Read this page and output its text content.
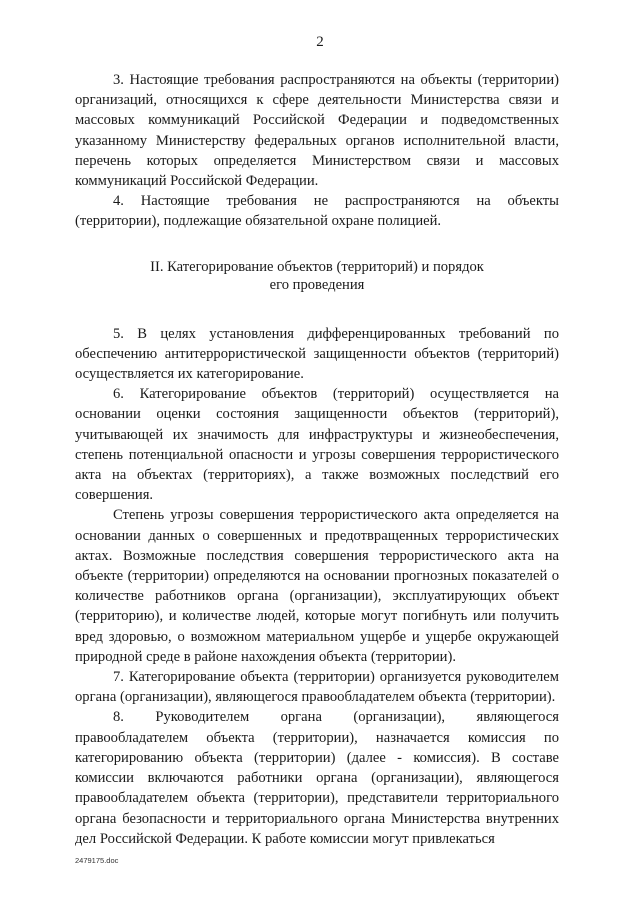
2

3. Настоящие требования распространяются на объекты (территории) организаций, относящихся к сфере деятельности Министерства связи и массовых коммуникаций Российской Федерации и подведомственных указанному Министерству федеральных органов исполнительной власти, перечень которых определяется Министерством связи и массовых коммуникаций Российской Федерации.

4. Настоящие требования не распространяются на объекты (территории), подлежащие обязательной охране полицией.

II. Категорирование объектов (территорий) и порядок
его проведения

5. В целях установления дифференцированных требований по обеспечению антитеррористической защищенности объектов (территорий) осуществляется их категорирование.

6. Категорирование объектов (территорий) осуществляется на основании оценки состояния защищенности объектов (территорий), учитывающей их значимость для инфраструктуры и жизнеобеспечения, степень потенциальной опасности и угрозы совершения террористического акта на объектах (территориях), а также возможных последствий его совершения.

Степень угрозы совершения террористического акта определяется на основании данных о совершенных и предотвращенных террористических актах. Возможные последствия совершения террористического акта на объекте (территории) определяются на основании прогнозных показателей о количестве работников органа (организации), эксплуатирующих объект (территорию), и количестве людей, которые могут погибнуть или получить вред здоровью, о возможном материальном ущербе и ущербе окружающей природной среде в районе нахождения объекта (территории).

7. Категорирование объекта (территории) организуется руководителем органа (организации), являющегося правообладателем объекта (территории).

8. Руководителем органа (организации), являющегося правообладателем объекта (территории), назначается комиссия по категорированию объекта (территории) (далее - комиссия). В составе комиссии включаются работники органа (организации), являющегося правообладателем объекта (территории), представители территориального органа безопасности и территориального органа Министерства внутренних дел Российской Федерации. К работе комиссии могут привлекаться

2479175.doc
